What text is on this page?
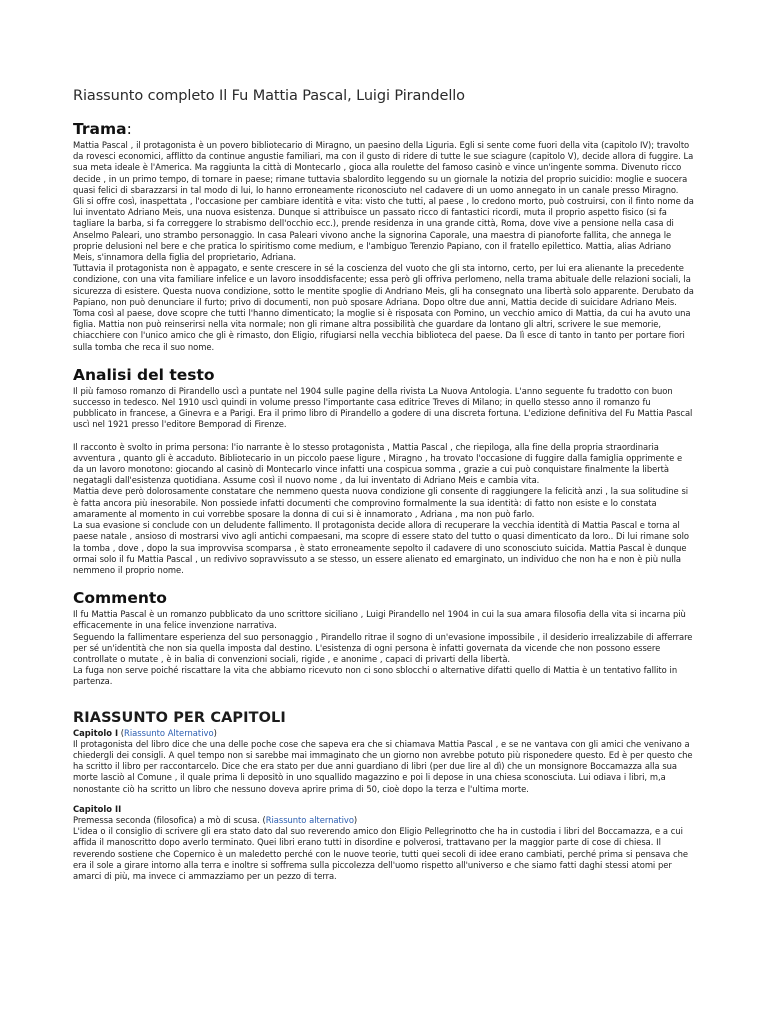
Riassunto completo Il Fu Mattia Pascal, Luigi Pirandello
Trama:

Mattia Pascal , il protagonista è un povero bibliotecario di Miragno, un paesino della Liguria. Egli si sente come fuori della vita (capitolo IV); travolto da rovesci economici, afflitto da continue angustie familiari, ma con il gusto di ridere di tutte le sue sciagure (capitolo V), decide allora di fuggire. La sua meta ideale è l'America. Ma raggiunta la città di Montecarlo , gioca alla roulette del famoso casinò e vince un'ingente somma. Divenuto ricco decide , in un primo tempo, di tornare in paese; rimane tuttavia sbalordito leggendo su un giornale la notizia del proprio suicidio: moglie e suocera quasi felici di sbarazzarsi in tal modo di lui, lo hanno erroneamente riconosciuto nel cadavere di un uomo annegato in un canale presso Miragno.

Gli si offre così, inaspettata , l'occasione per cambiare identità e vita: visto che tutti, al paese , lo credono morto, può costruirsi, con il finto nome da lui inventato Adriano Meis, una nuova esistenza. Dunque si attribuisce un passato ricco di fantastici ricordi, muta il proprio aspetto fisico (si fa tagliare la barba, si fa correggere lo strabismo dell'occhio ecc.), prende residenza in una grande città, Roma, dove vive a pensione nella casa di Anselmo Paleari, uno strambo personaggio. In casa Paleari vivono anche la signorina Caporale, una maestra di pianoforte fallita, che annega le proprie delusioni nel bere e che pratica lo spiritismo come medium, e l'ambiguo Terenzio Papiano, con il fratello epilettico. Mattia, alias Adriano Meis, s'innamora della figlia del proprietario, Adriana.

Tuttavia il protagonista non è appagato, e sente crescere in sé la coscienza del vuoto che gli sta intorno, certo, per lui era alienante la precedente condizione, con una vita familiare infelice e un lavoro insoddisfacente; essa però gli offriva perlomeno, nella trama abituale delle relazioni sociali, la sicurezza di esistere. Questa nuova condizione, sotto le mentite spoglie di Andriano Meis, gli ha consegnato una libertà solo apparente. Derubato da Papiano, non può denunciare il furto; privo di documenti, non può sposare Adriana. Dopo oltre due anni, Mattia decide di suicidare Adriano Meis.

Toma così al paese, dove scopre che tutti l'hanno dimenticato; la moglie si è risposata con Pomino, un vecchio amico di Mattia, da cui ha avuto una figlia. Mattia non può reinserirsi nella vita normale; non gli rimane altra possibilità che guardare da lontano gli altri, scrivere le sue memorie, chiacchiere con l'unico amico che gli è rimasto, don Eligio, rifugiarsi nella vecchia biblioteca del paese. Da lì esce di tanto in tanto per portare fiori sulla tomba che reca il suo nome.

Analisi del testo

Il più famoso romanzo di Pirandello uscì a puntate nel 1904 sulle pagine della rivista La Nuova Antologia. L'anno seguente fu tradotto con buon successo in tedesco. Nel 1910 uscì quindi in volume presso l'importante casa editrice Treves di Milano; in quello stesso anno il romanzo fu pubblicato in francese, a Ginevra e a Parigi. Era il primo libro di Pirandello a godere di una discreta fortuna. L'edizione definitiva del Fu Mattia Pascal uscì nel 1921 presso l'editore Bemporad di Firenze.

Il racconto è svolto in prima persona: l'io narrante è lo stesso protagonista , Mattia Pascal , che riepiloga, alla fine della propria straordinaria avventura , quanto gli è accaduto. Bibliotecario in un piccolo paese ligure , Miragno , ha trovato l'occasione di fuggire dalla famiglia opprimente e da un lavoro monotono: giocando al casinò di Montecarlo vince infatti una cospicua somma , grazie a cui può conquistare finalmente la libertà negatagli dall'esistenza quotidiana. Assume così il nuovo nome , da lui inventato di Adriano Meis e cambia vita.

Mattia deve però dolorosamente constatare che nemmeno questa nuova condizione gli consente di raggiungere la felicità anzi , la sua solitudine si è fatta ancora più inesorabile. Non possiede infatti documenti che comprovino formalmente la sua identità: di fatto non esiste e lo constata amaramente al momento in cui vorrebbe sposare la donna di cui si è innamorato , Adriana , ma non può farlo.

La sua evasione si conclude con un deludente fallimento. Il protagonista decide allora di recuperare la vecchia identità di Mattia Pascal e torna al paese natale , ansioso di mostrarsi vivo agli antichi compaesani, ma scopre di essere stato del tutto o quasi dimenticato da loro.. Di lui rimane solo la tomba , dove , dopo la sua improvvisa scomparsa , è stato erroneamente sepolto il cadavere di uno sconosciuto suicida. Mattia Pascal è dunque ormai solo il fu Mattia Pascal , un redivivo sopravvissuto a se stesso, un essere alienato ed emarginato, un individuo che non ha e non è più nulla nemmeno il proprio nome.

Commento

Il fu Mattia Pascal è un romanzo pubblicato da uno scrittore siciliano , Luigi Pirandello nel 1904 in cui la sua amara filosofia della vita si incarna più efficacemente in una felice invenzione narrativa.

Seguendo la fallimentare esperienza del suo personaggio , Pirandello ritrae il sogno di un'evasione impossibile , il desiderio irrealizzabile di afferrare per sé un'identità che non sia quella imposta dal destino. L'esistenza di ogni persona è infatti governata da vicende che non possono essere controllate o mutate , è in balia di convenzioni sociali, rigide , e anonime , capaci di privarti della libertà.

La fuga non serve poiché riscattare la vita che abbiamo ricevuto non ci sono sblocchi o alternative difatti quello di Mattia è un tentativo fallito in partenza.

RIASSUNTO PER CAPITOLI

Capitolo I (Riassunto Alternativo)

Il protagonista del libro dice che una delle poche cose che sapeva era che si chiamava Mattia Pascal , e se ne vantava con gli amici che venivano a chiedergli dei consigli. A quel tempo non si sarebbe mai immaginato che un giorno non avrebbe potuto più risponedere questo. Ed è per questo che ha scritto il libro per raccontarcelo. Dice che era stato per due anni guardiano di libri (per due lire al dì) che un monsignore Boccamazza alla sua morte lasciò al Comune , il quale prima li depositò in uno squallido magazzino e poi li depose in una chiesa sconosciuta. Lui odiava i libri, m,a nonostante ciò ha scritto un libro che nessuno doveva aprire prima di 50, cioè dopo la terza e l'ultima morte.

Capitolo II

Premessa seconda (filosofica) a mò di scusa. (Riassunto alternativo)

L'idea o il consiglio di scrivere gli era stato dato dal suo reverendo amico don Eligio Pellegrinotto che ha in custodia i libri del Boccamazza, e a cui affida il manoscritto dopo averlo terminato. Quei libri erano tutti in disordine e polverosi, trattavano per la maggior parte di cose di chiesa. Il reverendo sostiene che Copernico è un maledetto perché con le nuove teorie, tutti quei secoli di idee erano cambiati, perché prima si pensava che era il sole a girare intorno alla terra e inoltre si soffrema sulla piccolezza dell'uomo rispetto all'universo e che siamo fatti daghi stessi atomi per amarci di più, ma invece ci ammazziamo per un pezzo di terra.
